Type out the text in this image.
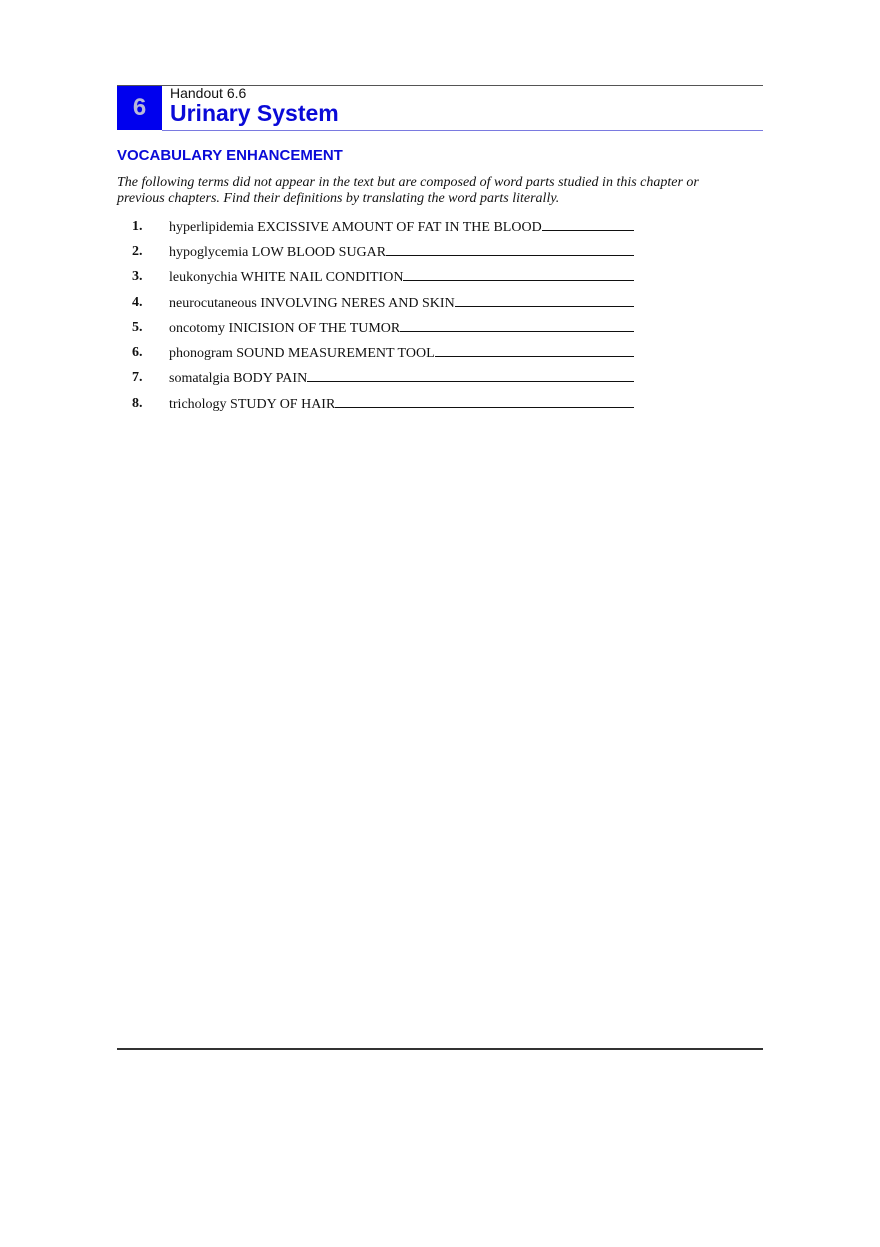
6
Handout 6.6
Urinary System
VOCABULARY ENHANCEMENT
The following terms did not appear in the text but are composed of word parts studied in this chapter or previous chapters. Find their definitions by translating the word parts literally.
1.	hyperlipidemia EXCISSIVE AMOUNT OF FAT IN THE BLOOD
2.	hypoglycemia LOW BLOOD SUGAR
3.	leukonychia WHITE NAIL CONDITION
4.	neurocutaneous INVOLVING NERES AND SKIN
5.	oncotomy INICISION OF THE TUMOR
6.	phonogram SOUND MEASUREMENT TOOL
7.	somatalgia BODY PAIN
8.	trichology STUDY OF HAIR
